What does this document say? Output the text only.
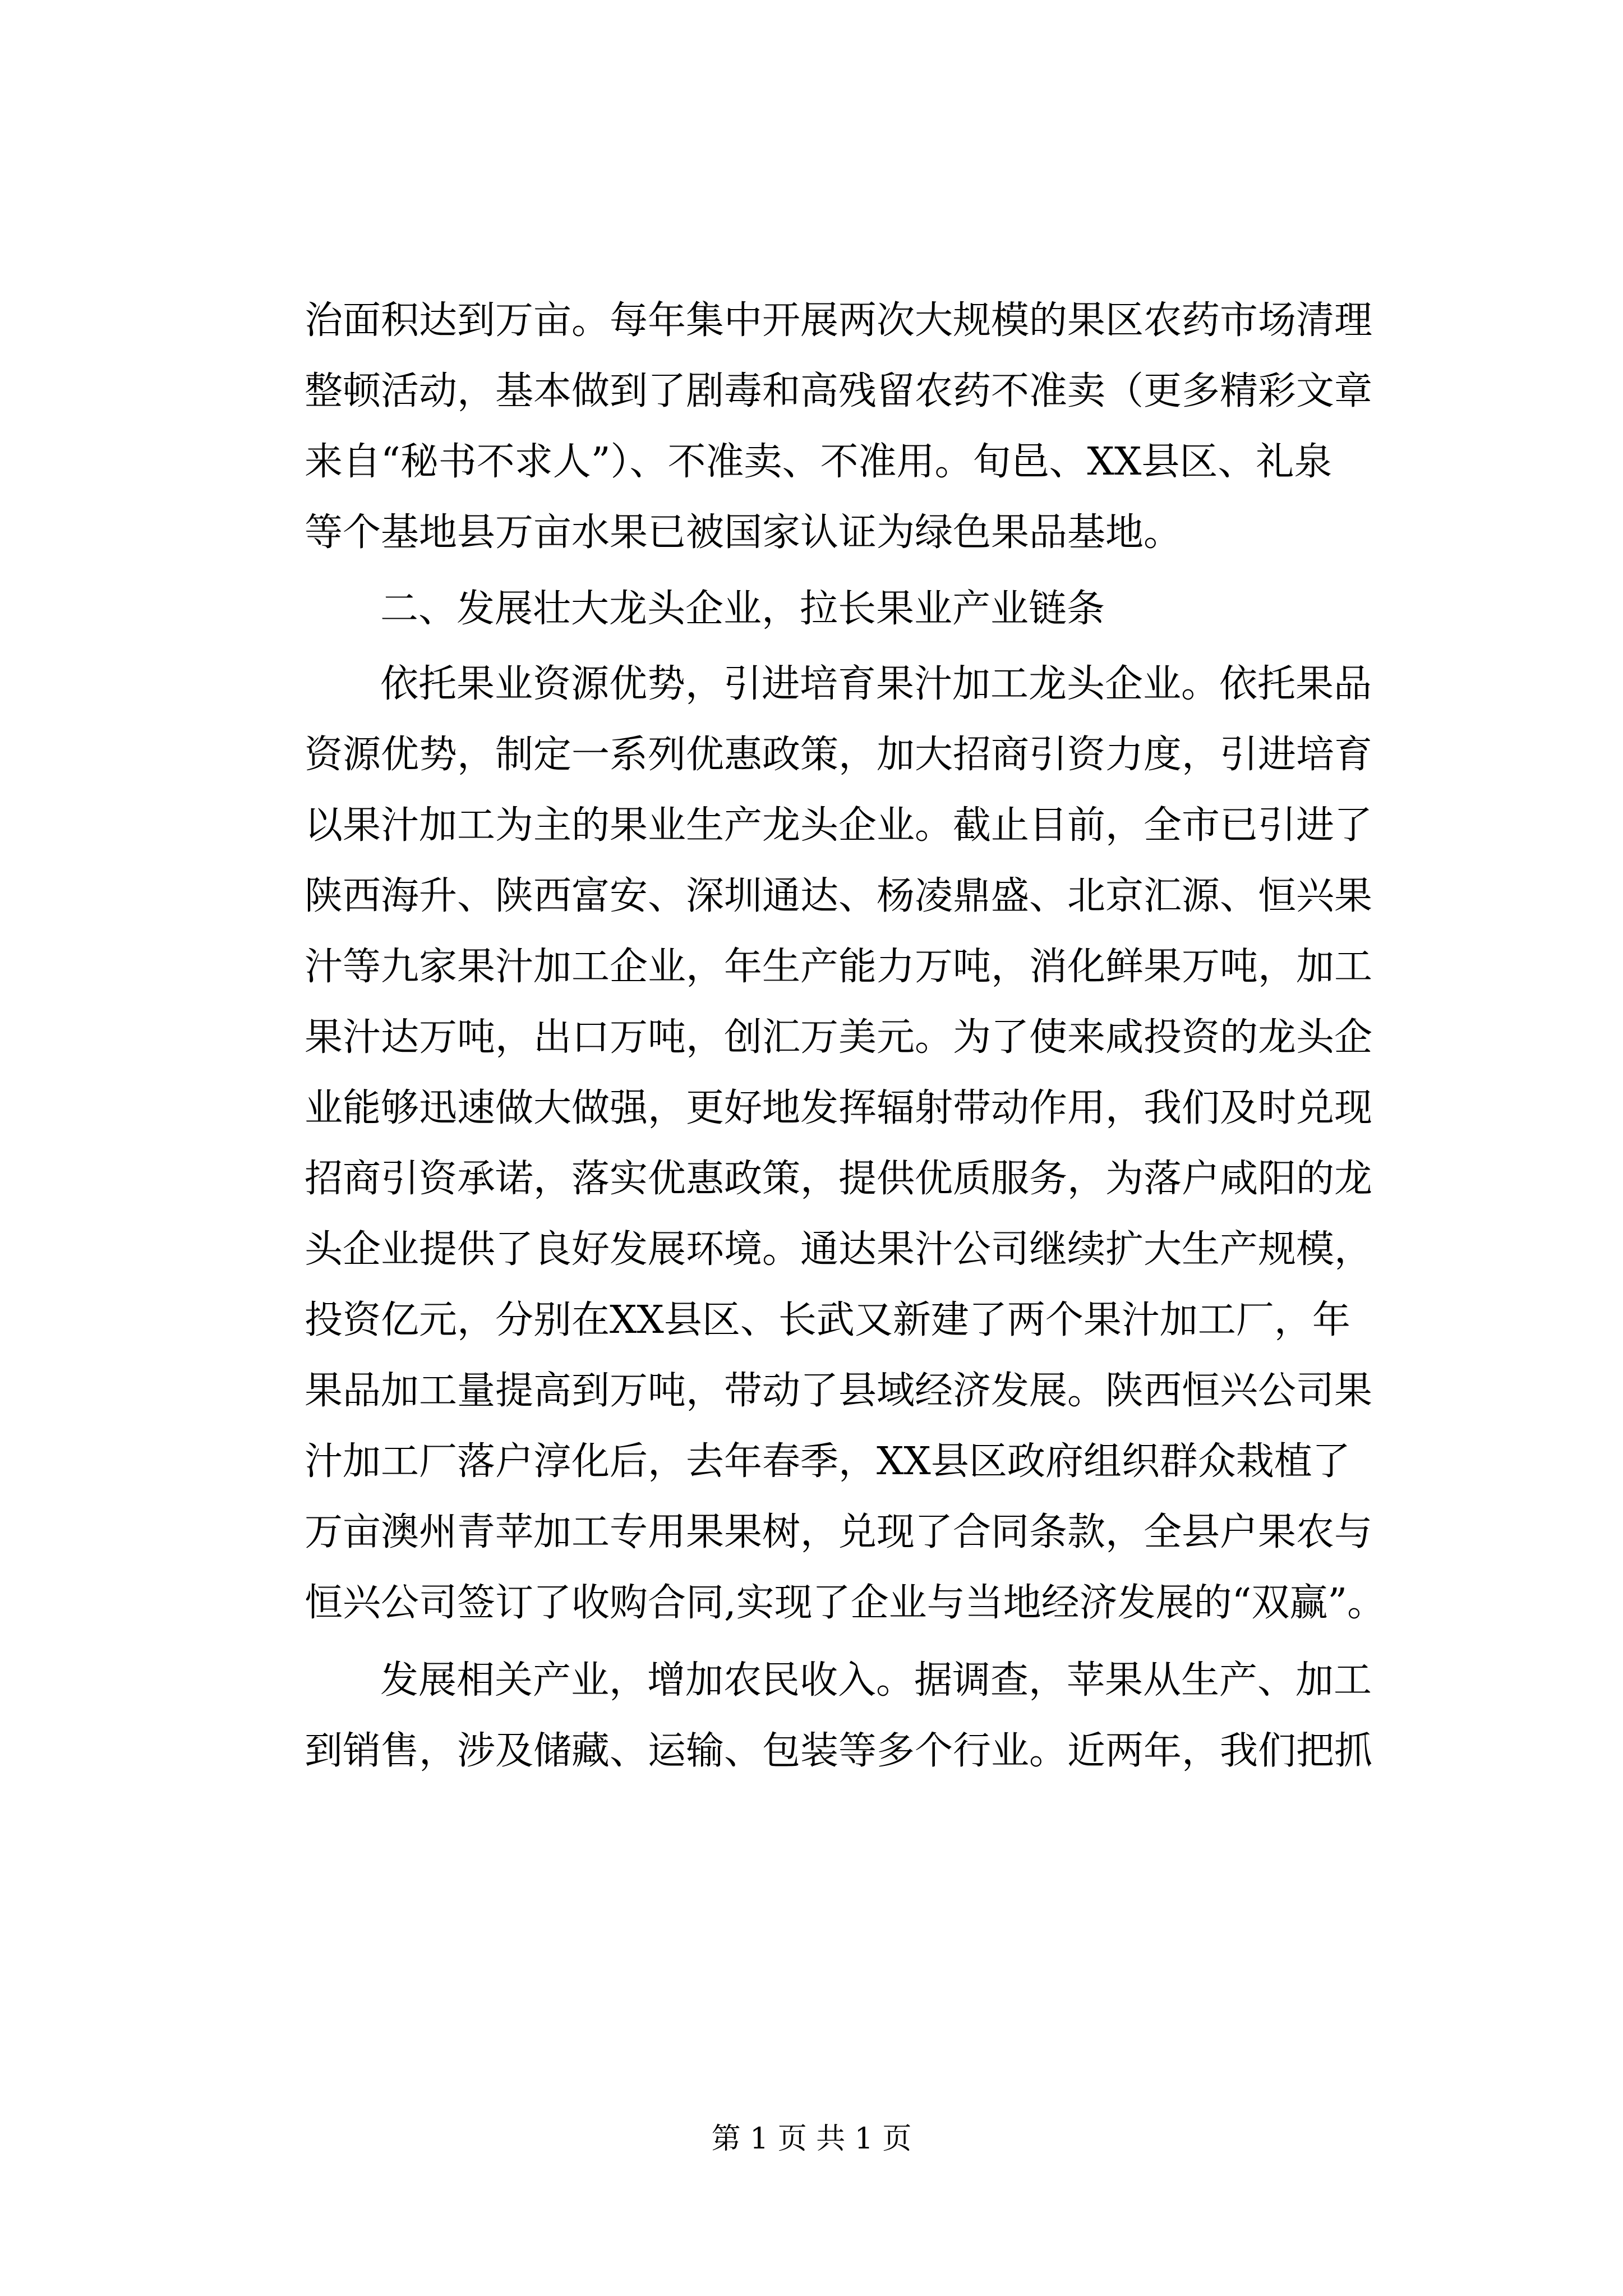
治面积达到万亩。每年集中开展两次大规模的果区农药市场清理
整顿活动，基本做到了剧毒和高残留农药不准卖（更多精彩文章
来自“秘书不求人”）、不准卖、不准用。旬邑、XX县区、礼泉
等个基地县万亩水果已被国家认证为绿色果品基地。
二、发展壮大龙头企业，拉长果业产业链条
依托果业资源优势，引进培育果汁加工龙头企业。依托果品
资源优势，制定一系列优惠政策，加大招商引资力度，引进培育
以果汁加工为主的果业生产龙头企业。截止目前，全市已引进了
陕西海升、陕西富安、深圳通达、杨凌鼎盛、北京汇源、恒兴果
汁等九家果汁加工企业，年生产能力万吨，消化鲜果万吨，加工
果汁达万吨，出口万吨，创汇万美元。为了使来咸投资的龙头企
业能够迅速做大做强，更好地发挥辐射带动作用，我们及时兑现
招商引资承诺，落实优惠政策，提供优质服务，为落户咸阳的龙
头企业提供了良好发展环境。通达果汁公司继续扩大生产规模，
投资亿元，分别在XX县区、长武又新建了两个果汁加工厂，年
果品加工量提高到万吨，带动了县域经济发展。陕西恒兴公司果
汁加工厂落户淳化后，去年春季，XX县区政府组织群众栽植了
万亩澳州青苹加工专用果果树，兑现了合同条款，全县户果农与
恒兴公司签订了收购合同,实现了企业与当地经济发展的“双赢”。
发展相关产业，增加农民收入。据调查，苹果从生产、加工
到销售，涉及储藏、运输、包装等多个行业。近两年，我们把抓
第 1 页 共 1 页
